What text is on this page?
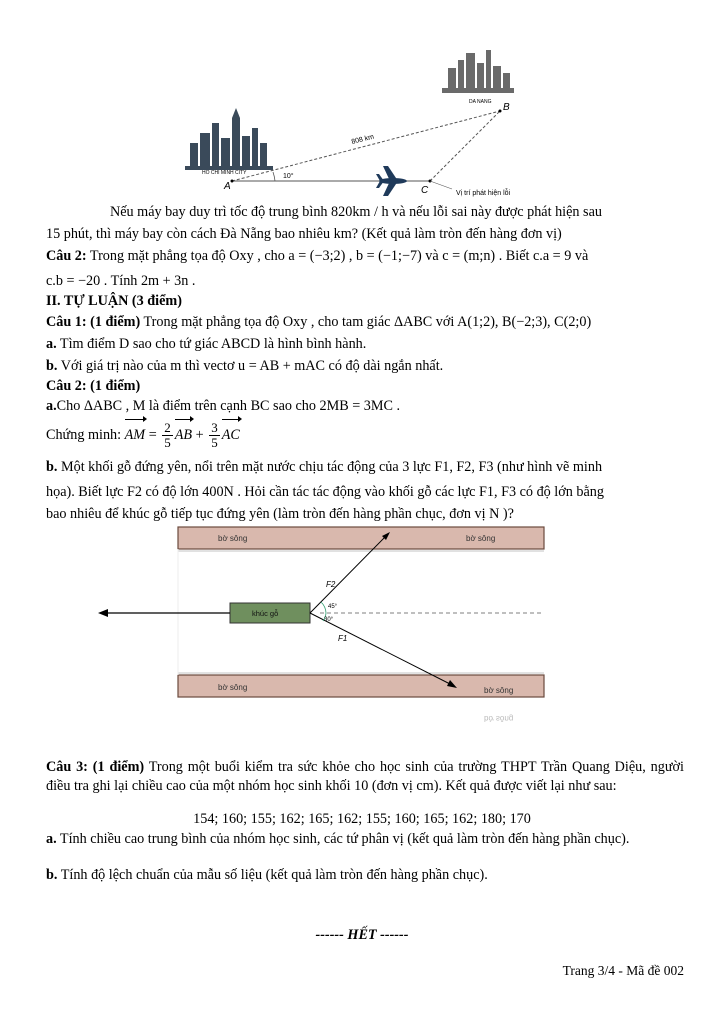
HO CHI MINH CITY
DA NANG
A
B
C
808 km
10°
Vị trí phát hiện lỗi
Nếu máy bay duy trì tốc độ trung bình 820km / h và nếu lỗi sai này được phát hiện sau
15 phút, thì máy bay còn cách Đà Nẵng bao nhiêu km? (Kết quả làm tròn đến hàng đơn vị)
Câu 2: Trong mặt phẳng tọa độ Oxy , cho a = (−3;2) , b = (−1;−7) và c = (m;n) . Biết c.a = 9 và
c.b = −20 . Tính 2m + 3n .
II. TỰ LUẬN (3 điểm)
Câu 1: (1 điểm) Trong mặt phẳng tọa độ Oxy , cho tam giác ΔABC với A(1;2), B(−2;3), C(2;0)
a. Tìm điểm D sao cho tứ giác ABCD là hình bình hành.
b. Với giá trị nào của m thì vectơ u = AB + mAC có độ dài ngắn nhất.
Câu 2: (1 điểm)
a.Cho ΔABC , M là điểm trên cạnh BC sao cho 2MB = 3MC .
Chứng minh: AM = $\frac{2}{5}$ AB + $\frac{3}{5}$ AC
b. Một khối gỗ đứng yên, nổi trên mặt nước chịu tác động của 3 lực F1, F2, F3 (như hình vẽ minh
họa). Biết lực F2 có độ lớn 400N . Hỏi cần tác tác động vào khối gỗ các lực F1, F3 có độ lớn bằng
bao nhiêu để khúc gỗ tiếp tục đứng yên (làm tròn đến hàng phần chục, đơn vị N )?
bờ sông	bờ sông
bờ sông	bờ sông
bờ sông
khúc gỗ
F2
F1
45°
30°
Câu 3: (1 điểm) Trong một buổi kiểm tra sức khỏe cho học sinh của trường THPT Trần Quang Diệu, người điều tra ghi lại chiều cao của một nhóm học sinh khối 10 (đơn vị cm). Kết quả được viết lại như sau:
154; 160; 155; 162; 165; 162; 155; 160; 165; 162; 180; 170
a. Tính chiều cao trung bình của nhóm học sinh, các tứ phân vị (kết quả làm tròn đến hàng phần chục).
b. Tính độ lệch chuẩn của mẫu số liệu (kết quả làm tròn đến hàng phần chục).
------ HẾT ------
Trang 3/4 - Mã đề 002
